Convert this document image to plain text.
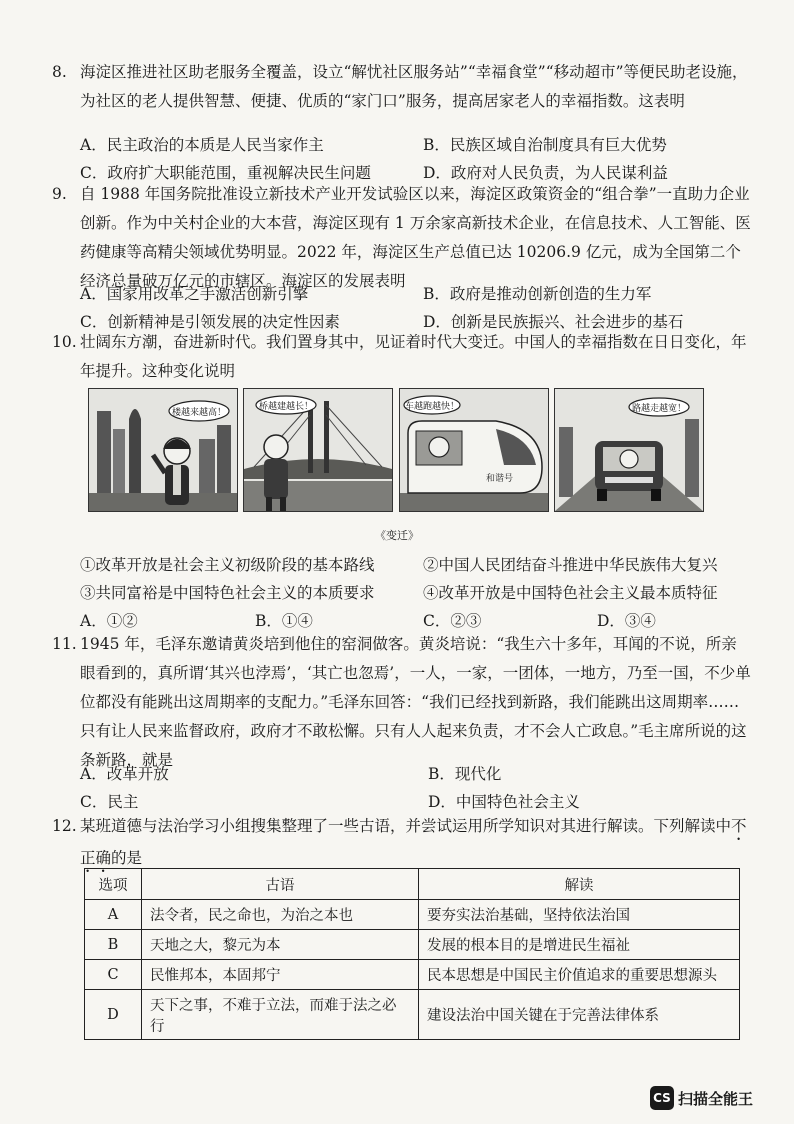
8. 海淀区推进社区助老服务全覆盖，设立“解忧社区服务站”“幸福食堂”“移动超市”等便民助老设施，为社区的老人提供智慧、便捷、优质的“家门口”服务，提高居家老人的幸福指数。这表明
A．民主政治的本质是人民当家作主	B．民族区域自治制度具有巨大优势
C．政府扩大职能范围，重视解决民生问题	D．政府对人民负责，为人民谋利益
9. 自 1988 年国务院批准设立新技术产业开发试验区以来，海淀区政策资金的“组合拳”一直助力企业创新。作为中关村企业的大本营，海淀区现有 1 万余家高新技术企业，在信息技术、人工智能、医药健康等高精尖领域优势明显。2022 年，海淀区生产总值已达 10206.9 亿元，成为全国第二个经济总量破万亿元的市辖区。海淀区的发展表明
A．国家用改革之手激活创新引擎	B．政府是推动创新创造的生力军
C．创新精神是引领发展的决定性因素	D．创新是民族振兴、社会进步的基石
10. 壮阔东方潮，奋进新时代。我们置身其中，见证着时代大变迁。中国人的幸福指数在日日变化，年年提升。这种变化说明
楼越来越高！
桥越建越长！
和谐号
车越跑越快！	路越走越宽！
《变迁》
①改革开放是社会主义初级阶段的基本路线	②中国人民团结奋斗推进中华民族伟大复兴
③共同富裕是中国特色社会主义的本质要求	④改革开放是中国特色社会主义最本质特征
A．①②	B．①④	C．②③	D．③④
11. 1945 年，毛泽东邀请黄炎培到他住的窑洞做客。黄炎培说：“我生六十多年，耳闻的不说，所亲眼看到的，真所谓‘其兴也浡焉’，‘其亡也忽焉’，一人，一家，一团体，一地方，乃至一国，不少单位都没有能跳出这周期率的支配力。”毛泽东回答：“我们已经找到新路，我们能跳出这周期率……只有让人民来监督政府，政府才不敢松懈。只有人人起来负责，才不会人亡政息。”毛主席所说的这条新路，就是
A．改革开放	B．现代化
C．民主	D．中国特色社会主义
12. 某班道德与法治学习小组搜集整理了一些古语，并尝试运用所学知识对其进行解读。下列解读中不正确的是
选项	古语	解读
A	法令者，民之命也，为治之本也	要夯实法治基础，坚持依法治国
B	天地之大，黎元为本	发展的根本目的是增进民生福祉
C	民惟邦本，本固邦宁	民本思想是中国民主价值追求的重要思想源头
D	天下之事，不难于立法，而难于法之必行	建设法治中国关键在于完善法律体系
CS 扫描全能王
